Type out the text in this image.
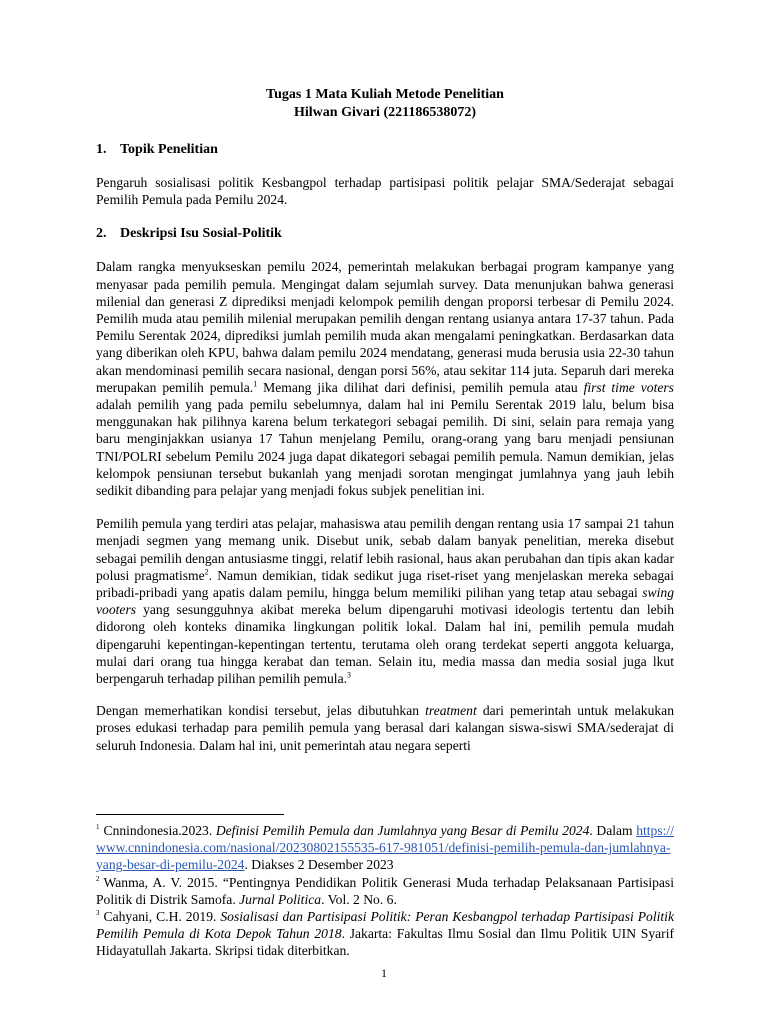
Tugas 1 Mata Kuliah Metode Penelitian
Hilwan Givari (221186538072)
1. Topik Penelitian

Pengaruh sosialisasi politik Kesbangpol terhadap partisipasi politik pelajar SMA/Sederajat sebagai Pemilih Pemula pada Pemilu 2024.

2. Deskripsi Isu Sosial-Politik

Dalam rangka menyukseskan pemilu 2024, pemerintah melakukan berbagai program kampanye yang menyasar pada pemilih pemula. Mengingat dalam sejumlah survey. Data menunjukan bahwa generasi milenial dan generasi Z diprediksi menjadi kelompok pemilih dengan proporsi terbesar di Pemilu 2024. Pemilih muda atau pemilih milenial merupakan pemilih dengan rentang usianya antara 17-37 tahun. Pada Pemilu Serentak 2024, diprediksi jumlah pemilih muda akan mengalami peningkatkan. Berdasarkan data yang diberikan oleh KPU, bahwa dalam pemilu 2024 mendatang, generasi muda berusia usia 22-30 tahun akan mendominasi pemilih secara nasional, dengan porsi 56%, atau sekitar 114 juta. Separuh dari mereka merupakan pemilih pemula.$^1$ Memang jika dilihat dari definisi, pemilih pemula atau first time voters adalah pemilih yang pada pemilu sebelumnya, dalam hal ini Pemilu Serentak 2019 lalu, belum bisa menggunakan hak pilihnya karena belum terkategori sebagai pemilih. Di sini, selain para remaja yang baru menginjakkan usianya 17 Tahun menjelang Pemilu, orang-orang yang baru menjadi pensiunan TNI/POLRI sebelum Pemilu 2024 juga dapat dikategori sebagai pemilih pemula. Namun demikian, jelas kelompok pensiunan tersebut bukanlah yang menjadi sorotan mengingat jumlahnya yang jauh lebih sedikit dibanding para pelajar yang menjadi fokus subjek penelitian ini.

Pemilih pemula yang terdiri atas pelajar, mahasiswa atau pemilih dengan rentang usia 17 sampai 21 tahun menjadi segmen yang memang unik. Disebut unik, sebab dalam banyak penelitian, mereka disebut sebagai pemilih dengan antusiasme tinggi, relatif lebih rasional, haus akan perubahan dan tipis akan kadar polusi pragmatisme$^2$. Namun demikian, tidak sedikut juga riset-riset yang menjelaskan mereka sebagai pribadi-pribadi yang apatis dalam pemilu, hingga belum memiliki pilihan yang tetap atau sebagai swing vooters yang sesungguhnya akibat mereka belum dipengaruhi motivasi ideologis tertentu dan lebih didorong oleh konteks dinamika lingkungan politik lokal. Dalam hal ini, pemilih pemula mudah dipengaruhi kepentingan-kepentingan tertentu, terutama oleh orang terdekat seperti anggota keluarga, mulai dari orang tua hingga kerabat dan teman. Selain itu, media massa dan media sosial juga lkut berpengaruh terhadap pilihan pemilih pemula.$^3$

Dengan memerhatikan kondisi tersebut, jelas dibutuhkan treatment dari pemerintah untuk melakukan proses edukasi terhadap para pemilih pemula yang berasal dari kalangan siswa-siswi SMA/sederajat di seluruh Indonesia. Dalam hal ini, unit pemerintah atau negara seperti

$^1$ Cnnindonesia.2023. Definisi Pemilih Pemula dan Jumlahnya yang Besar di Pemilu 2024. Dalam https://www.cnnindonesia.com/nasional/20230802155535-617-981051/definisi-pemilih-pemula-dan-jumlahnya-yang-besar-di-pemilu-2024. Diakses 2 Desember 2023

$^2$ Wanma, A. V. 2015. “Pentingnya Pendidikan Politik Generasi Muda terhadap Pelaksanaan Partisipasi Politik di Distrik Samofa. Jurnal Politica. Vol. 2 No. 6.

$^3$ Cahyani, C.H. 2019. Sosialisasi dan Partisipasi Politik: Peran Kesbangpol terhadap Partisipasi Politik Pemilih Pemula di Kota Depok Tahun 2018. Jakarta: Fakultas Ilmu Sosial dan Ilmu Politik UIN Syarif Hidayatullah Jakarta. Skripsi tidak diterbitkan.

1
